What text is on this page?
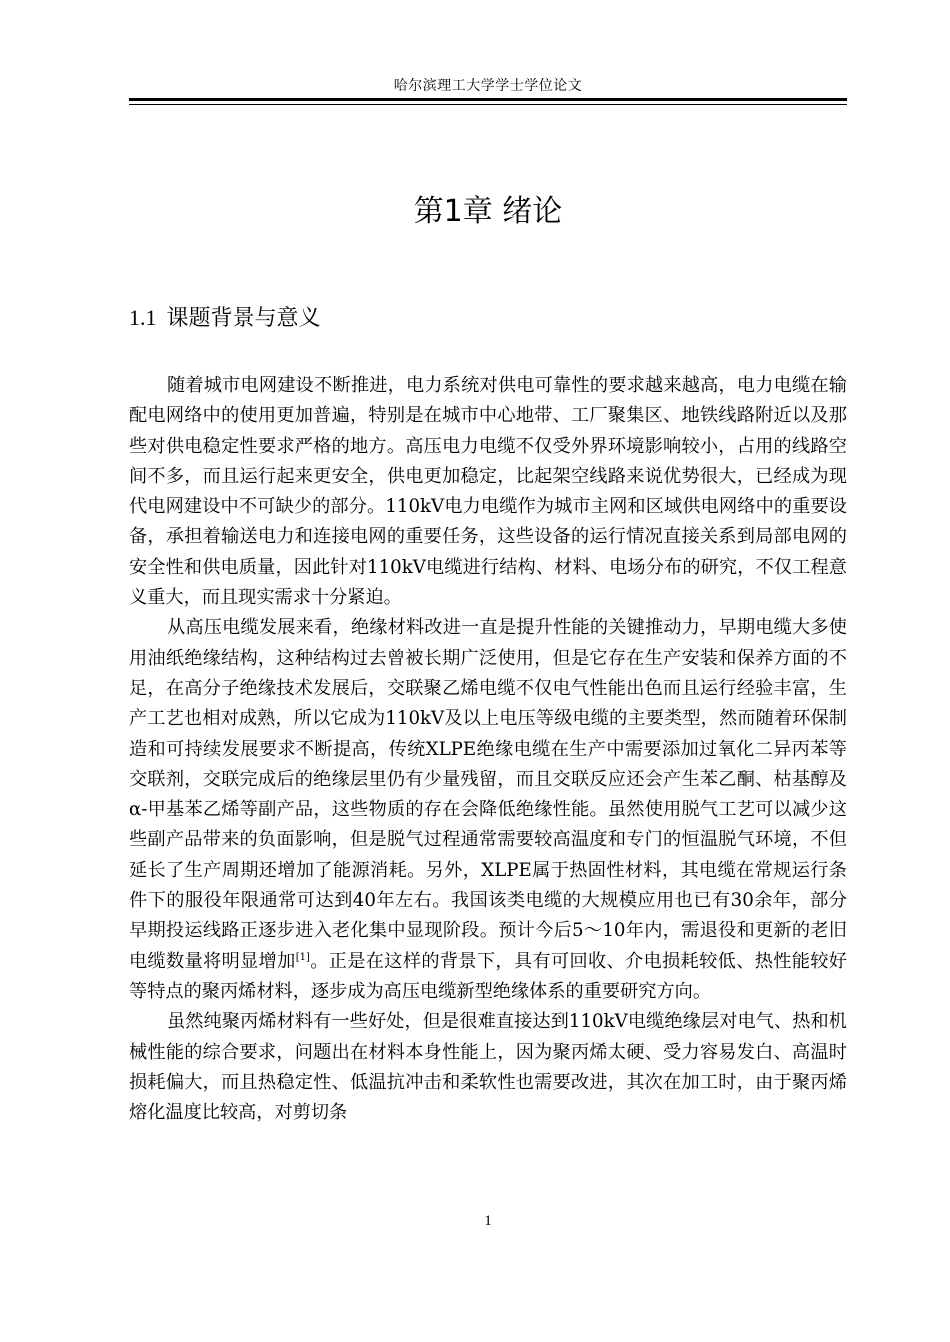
哈尔滨理工大学学士学位论文
第1章 绪论
1.1 课题背景与意义

随着城市电网建设不断推进，电力系统对供电可靠性的要求越来越高，电力电缆在输配电网络中的使用更加普遍，特别是在城市中心地带、工厂聚集区、地铁线路附近以及那些对供电稳定性要求严格的地方。高压电力电缆不仅受外界环境影响较小，占用的线路空间不多，而且运行起来更安全，供电更加稳定，比起架空线路来说优势很大，已经成为现代电网建设中不可缺少的部分。110kV电力电缆作为城市主网和区域供电网络中的重要设备，承担着输送电力和连接电网的重要任务，这些设备的运行情况直接关系到局部电网的安全性和供电质量，因此针对110kV电缆进行结构、材料、电场分布的研究，不仅工程意义重大，而且现实需求十分紧迫。

从高压电缆发展来看，绝缘材料改进一直是提升性能的关键推动力，早期电缆大多使用油纸绝缘结构，这种结构过去曾被长期广泛使用，但是它存在生产安装和保养方面的不足，在高分子绝缘技术发展后，交联聚乙烯电缆不仅电气性能出色而且运行经验丰富，生产工艺也相对成熟，所以它成为110kV及以上电压等级电缆的主要类型，然而随着环保制造和可持续发展要求不断提高，传统XLPE绝缘电缆在生产中需要添加过氧化二异丙苯等交联剂，交联完成后的绝缘层里仍有少量残留，而且交联反应还会产生苯乙酮、枯基醇及α-甲基苯乙烯等副产品，这些物质的存在会降低绝缘性能。虽然使用脱气工艺可以减少这些副产品带来的负面影响，但是脱气过程通常需要较高温度和专门的恒温脱气环境，不但延长了生产周期还增加了能源消耗。另外，XLPE属于热固性材料，其电缆在常规运行条件下的服役年限通常可达到40年左右。我国该类电缆的大规模应用也已有30余年，部分早期投运线路正逐步进入老化集中显现阶段。预计今后5～10年内，需退役和更新的老旧电缆数量将明显增加[1]。正是在这样的背景下，具有可回收、介电损耗较低、热性能较好等特点的聚丙烯材料，逐步成为高压电缆新型绝缘体系的重要研究方向。

虽然纯聚丙烯材料有一些好处，但是很难直接达到110kV电缆绝缘层对电气、热和机械性能的综合要求，问题出在材料本身性能上，因为聚丙烯太硬、受力容易发白、高温时损耗偏大，而且热稳定性、低温抗冲击和柔软性也需要改进，其次在加工时，由于聚丙烯熔化温度比较高，对剪切条

1
